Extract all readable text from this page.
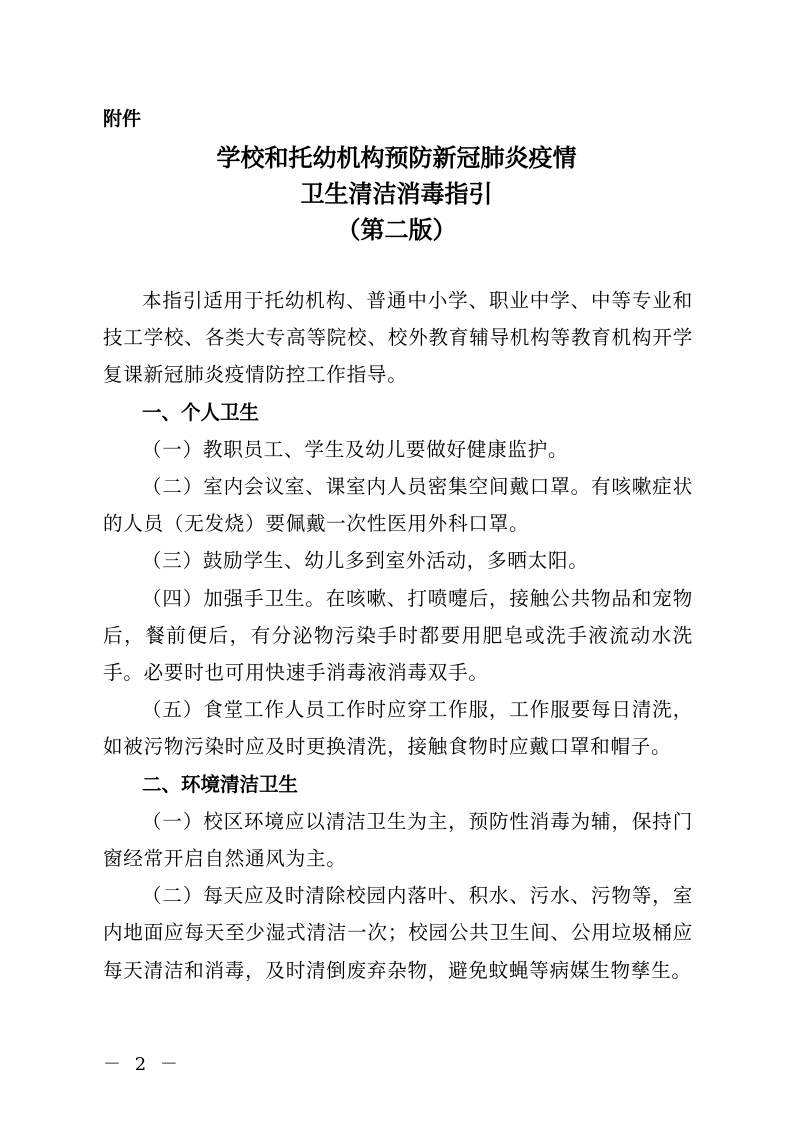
附件
学校和托幼机构预防新冠肺炎疫情
卫生清洁消毒指引
（第二版）

本指引适用于托幼机构、普通中小学、职业中学、中等专业和技工学校、各类大专高等院校、校外教育辅导机构等教育机构开学复课新冠肺炎疫情防控工作指导。

一、个人卫生

（一）教职员工、学生及幼儿要做好健康监护。

（二）室内会议室、课室内人员密集空间戴口罩。有咳嗽症状的人员（无发烧）要佩戴一次性医用外科口罩。

（三）鼓励学生、幼儿多到室外活动，多晒太阳。

（四）加强手卫生。在咳嗽、打喷嚏后，接触公共物品和宠物后，餐前便后，有分泌物污染手时都要用肥皂或洗手液流动水洗手。必要时也可用快速手消毒液消毒双手。

（五）食堂工作人员工作时应穿工作服，工作服要每日清洗，如被污物污染时应及时更换清洗，接触食物时应戴口罩和帽子。

二、环境清洁卫生

（一）校区环境应以清洁卫生为主，预防性消毒为辅，保持门窗经常开启自然通风为主。

（二）每天应及时清除校园内落叶、积水、污水、污物等，室内地面应每天至少湿式清洁一次；校园公共卫生间、公用垃圾桶应每天清洁和消毒，及时清倒废弃杂物，避免蚊蝇等病媒生物孳生。

－ 2 －
